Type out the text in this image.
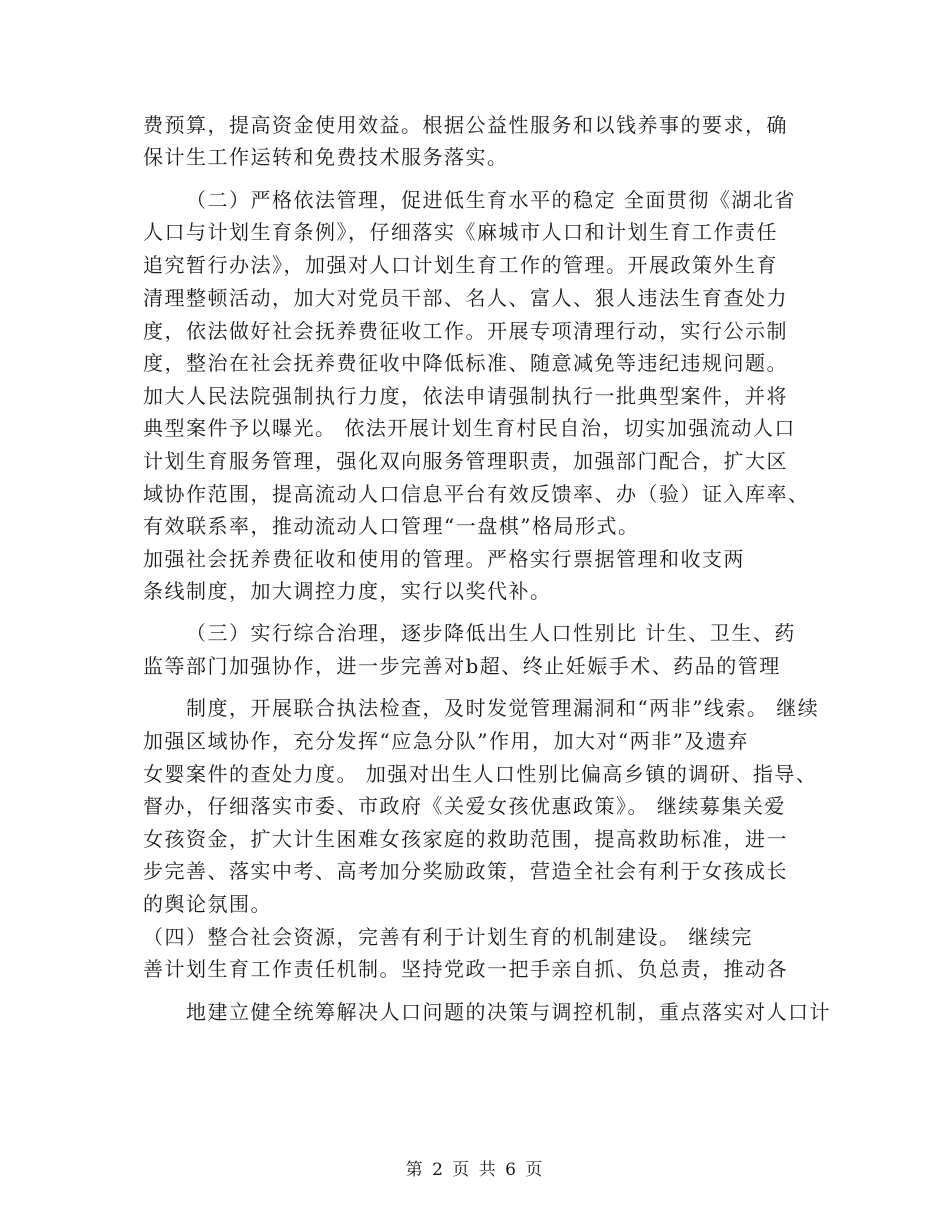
费预算，提高资金使用效益。根据公益性服务和以钱养事的要求，确
保计生工作运转和免费技术服务落实。
（二）严格依法管理，促进低生育水平的稳定 全面贯彻《湖北省
人口与计划生育条例》，仔细落实《麻城市人口和计划生育工作责任
追究暂行办法》，加强对人口计划生育工作的管理。开展政策外生育
清理整顿活动，加大对党员干部、名人、富人、狠人违法生育查处力
度，依法做好社会抚养费征收工作。开展专项清理行动，实行公示制
度，整治在社会抚养费征收中降低标准、随意减免等违纪违规问题。
加大人民法院强制执行力度，依法申请强制执行一批典型案件，并将
典型案件予以曝光。 依法开展计划生育村民自治，切实加强流动人口
计划生育服务管理，强化双向服务管理职责，加强部门配合，扩大区
域协作范围，提高流动人口信息平台有效反馈率、办（验）证入库率、
有效联系率，推动流动人口管理“一盘棋”格局形式。
加强社会抚养费征收和使用的管理。严格实行票据管理和收支两
条线制度，加大调控力度，实行以奖代补。
（三）实行综合治理，逐步降低出生人口性别比 计生、卫生、药
监等部门加强协作，进一步完善对b超、终止妊娠手术、药品的管理
制度，开展联合执法检查，及时发觉管理漏洞和“两非”线索。 继续
加强区域协作，充分发挥“应急分队”作用，加大对“两非”及遗弃
女婴案件的查处力度。 加强对出生人口性别比偏高乡镇的调研、指导、
督办，仔细落实市委、市政府《关爱女孩优惠政策》。 继续募集关爱
女孩资金，扩大计生困难女孩家庭的救助范围，提高救助标准，进一
步完善、落实中考、高考加分奖励政策，营造全社会有利于女孩成长
的舆论氛围。
（四）整合社会资源，完善有利于计划生育的机制建设。 继续完
善计划生育工作责任机制。坚持党政一把手亲自抓、负总责，推动各
地建立健全统筹解决人口问题的决策与调控机制，重点落实对人口计
第 2 页 共 6 页
